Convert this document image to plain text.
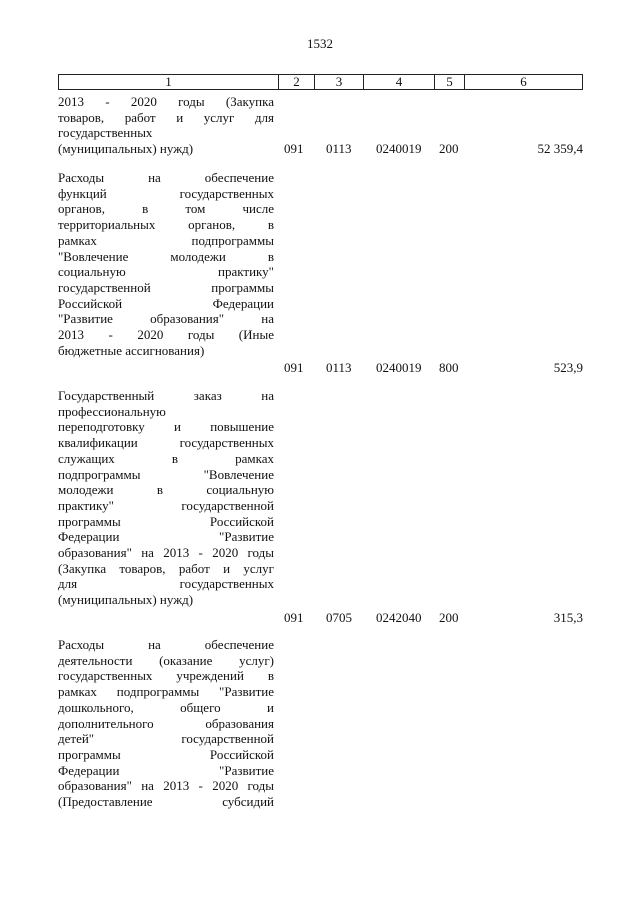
1532
1	2	3	4	5	6
2013 - 2020 годы (Закупка
товаров, работ и услуг для
государственных
(муниципальных) нужд)	091 0113 0240019 200	52 359,4
Расходы на обеспечение
функций государственных
органов, в том числе
территориальных органов, в
рамках подпрограммы
"Вовлечение молодежи в
социальную практику"
государственной программы
Российской Федерации
"Развитие образования" на
2013 - 2020 годы (Иные
бюджетные ассигнования)
091 0113 0240019 800	523,9
Государственный заказ на
профессиональную
переподготовку и повышение
квалификации государственных
служащих в рамках
подпрограммы "Вовлечение
молодежи в социальную
практику" государственной
программы Российской
Федерации "Развитие
образования" на 2013 - 2020 годы
(Закупка товаров, работ и услуг
для государственных
(муниципальных) нужд)
091 0705 0242040 200	315,3
Расходы на обеспечение
деятельности (оказание услуг)
государственных учреждений в
рамках подпрограммы "Развитие
дошкольного, общего и
дополнительного образования
детей" государственной
программы Российской
Федерации "Развитие
образования" на 2013 - 2020 годы
(Предоставление субсидий
